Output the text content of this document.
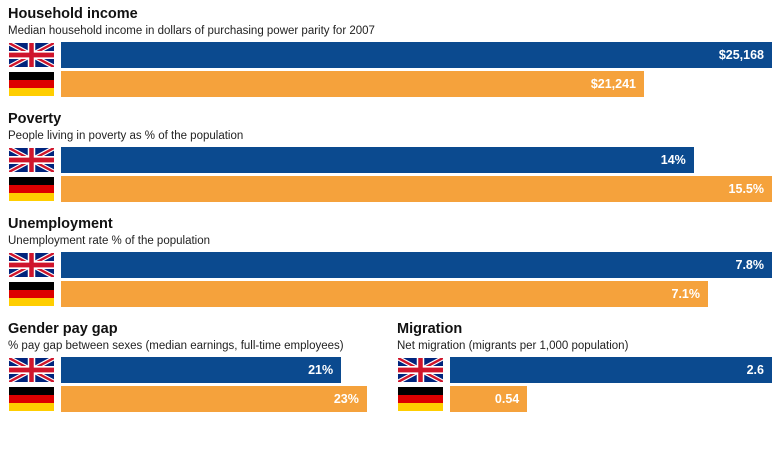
Household income
Median household income in dollars of purchasing power parity for 2007
$25,168
$21,241
Poverty
People living in poverty as % of the population
14%
15.5%
Unemployment
Unemployment rate % of the population
7.8%
7.1%
Gender pay gap
% pay gap between sexes (median earnings, full-time employees)
21%
23%
Migration
Net migration (migrants per 1,000 population)
2.6
0.54
